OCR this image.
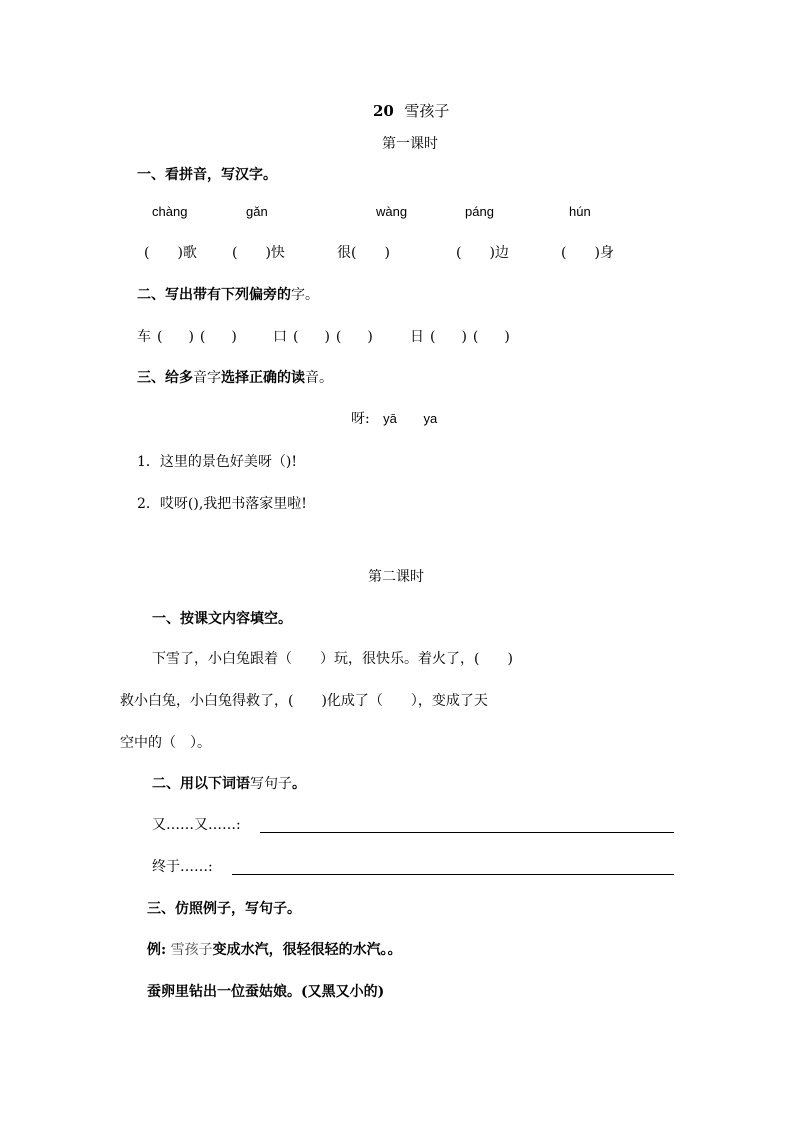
20 雪孩子
第一课时
一、看拼音，写汉字。
chàng	gǎn	wàng	páng	hún
(　　)歌	(　　)快	很(　　)	(　　)边	(　　)身
二、写出带有下列偏旁的字。
车(　)(　) 口(　)(　) 日(　)(　)
三、给多音字选择正确的读音。
呀: yā ya
1．这里的景色好美呀（)!
2．哎呀(),我把书落家里啦!
第二课时
一、按课文内容填空。
下雪了，小白兔跟着（　　）玩，很快乐。着火了，(　　)
救小白兔，小白兔得救了，(　　)化成了（　　），变成了天
空中的（　）。
二、用以下词语写句子。
又……又……:
终于……:
三、仿照例子，写句子。
例: 雪孩子变成水汽，很轻很轻的水汽。。
蚕卵里钻出一位蚕姑娘。(又黑又小的)
